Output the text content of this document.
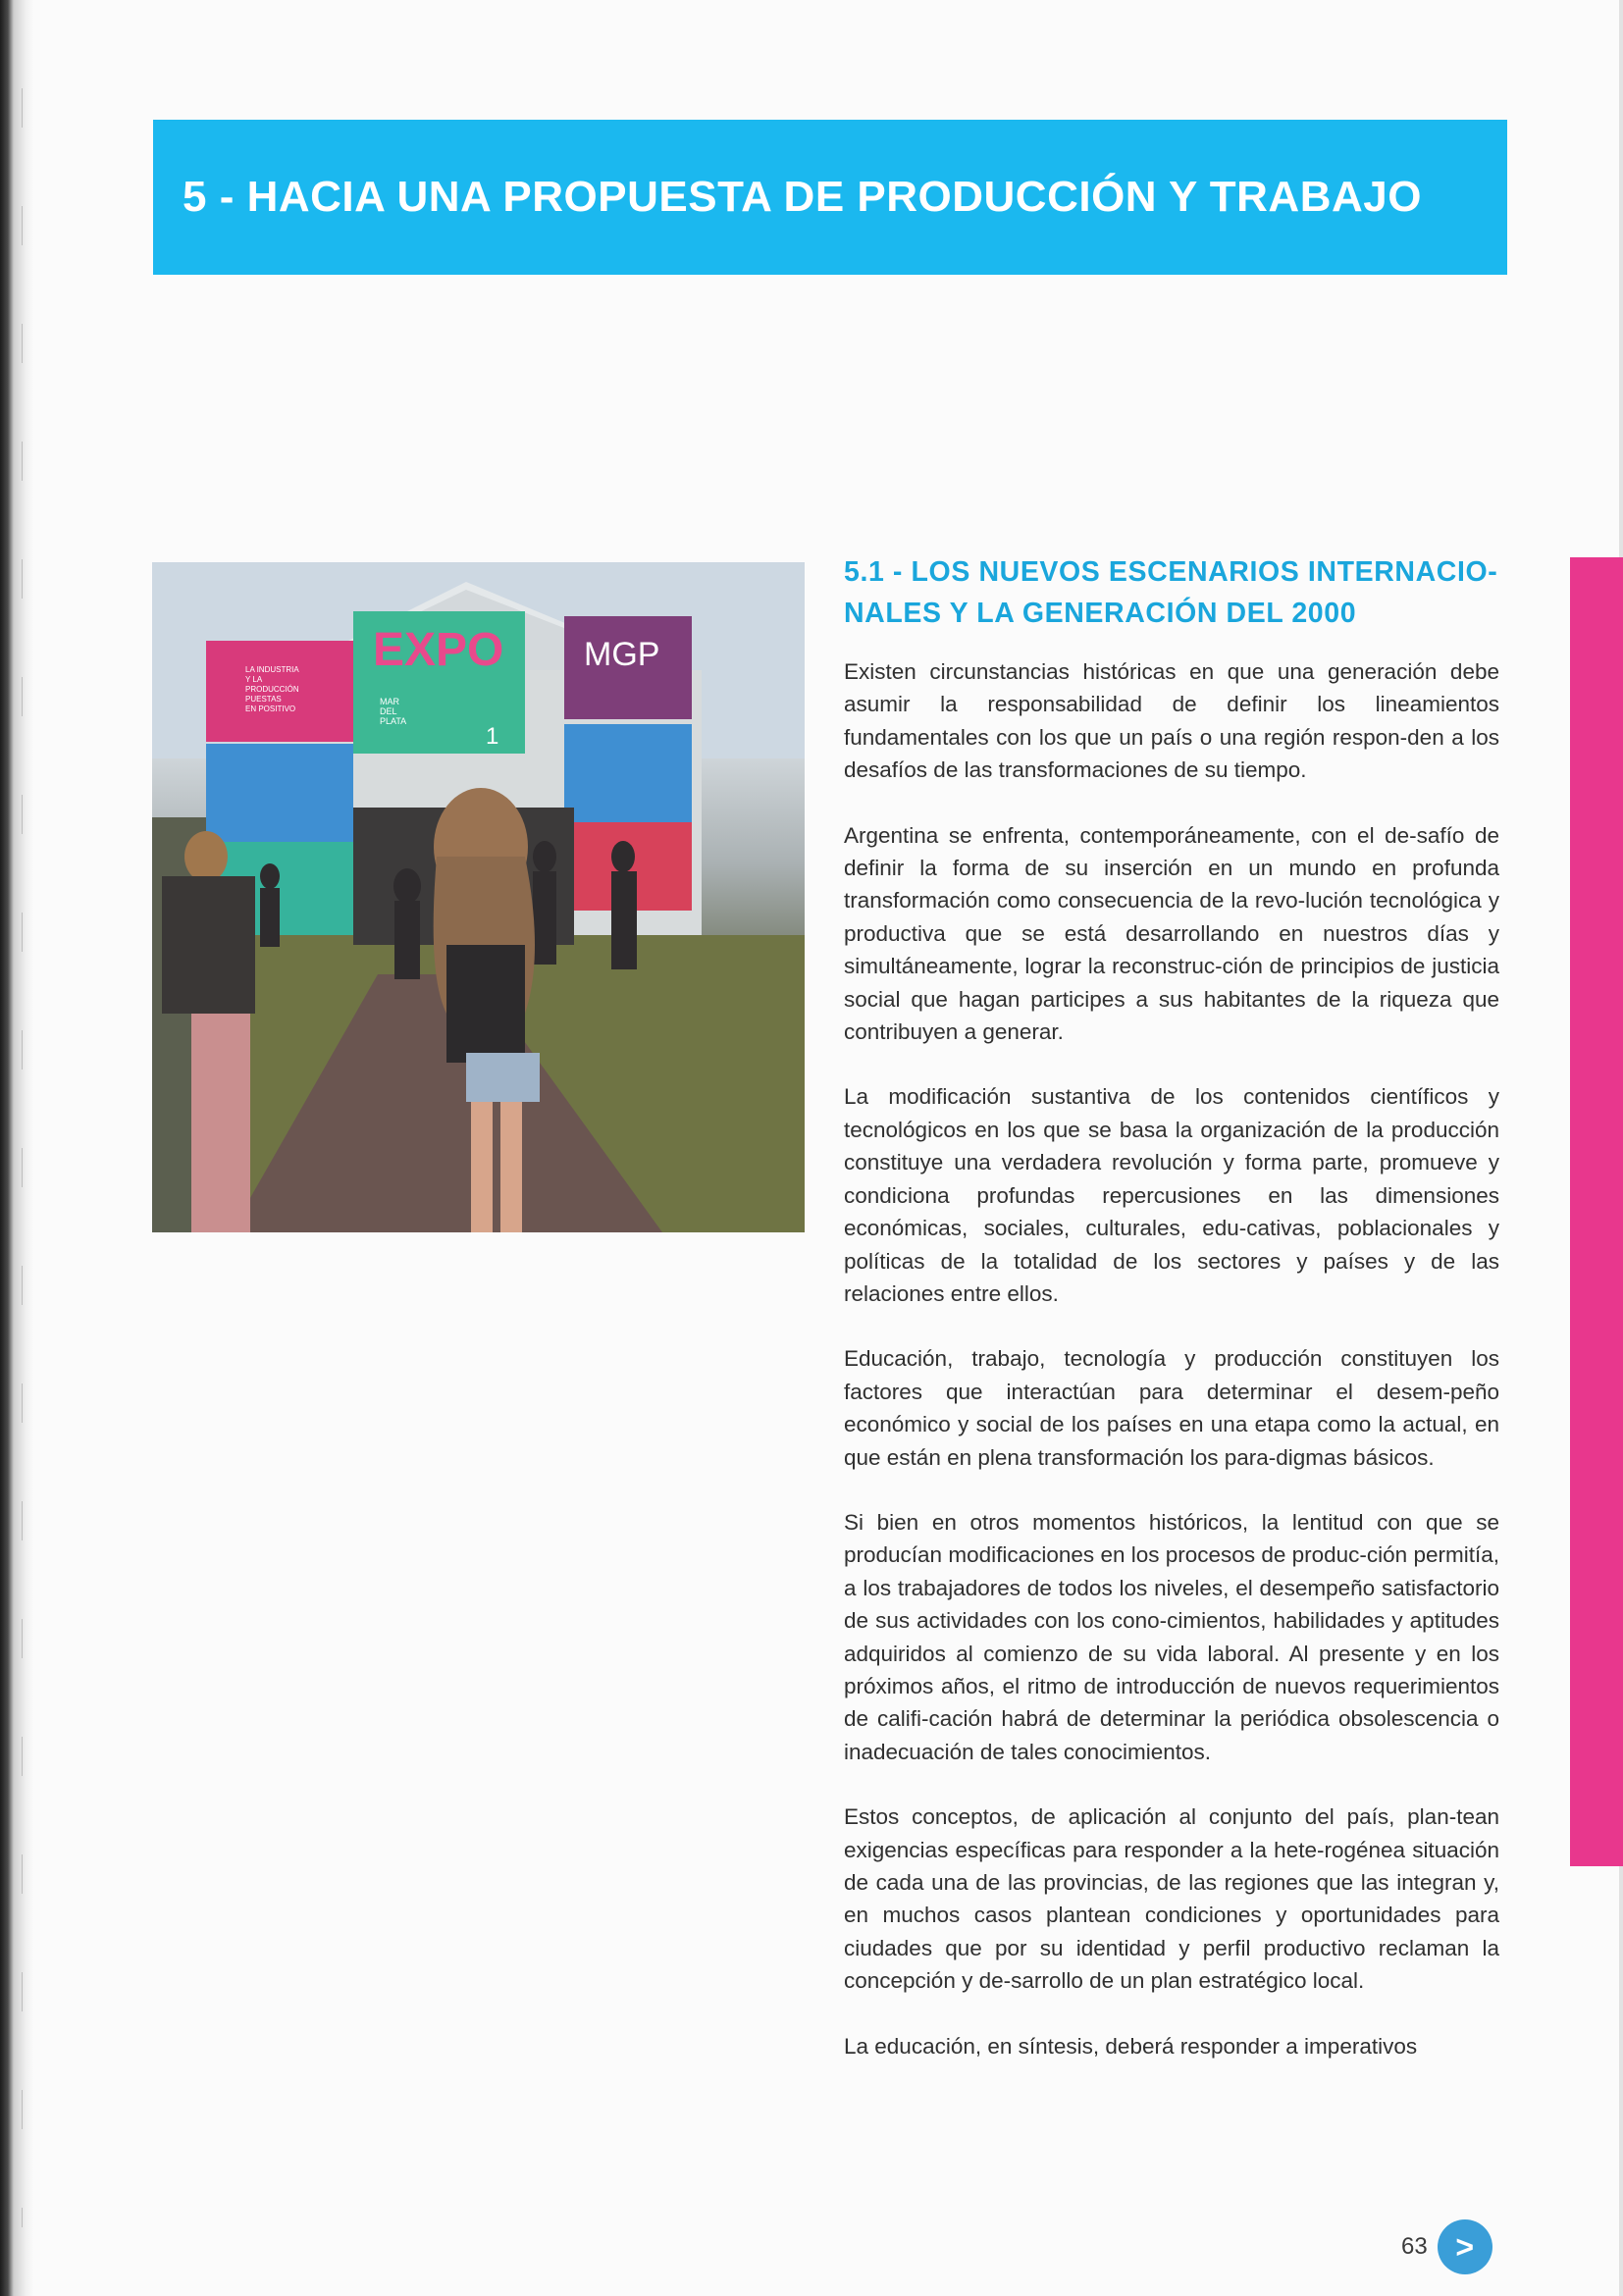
5 - HACIA UNA PROPUESTA DE PRODUCCIÓN Y TRABAJO
LA INDUSTRIA Y LA PRODUCCIÓN PUESTAS EN POSITIVO
EXPO
MAR DEL PLATA
1
MGP
5.1 - LOS NUEVOS ESCENARIOS INTERNACIO-
NALES Y LA GENERACIÓN DEL 2000

Existen circunstancias históricas en que una generación debe asumir la responsabilidad de definir los lineamientos fundamentales con los que un país o una región respon-den a los desafíos de las transformaciones de su tiempo.

Argentina se enfrenta, contemporáneamente, con el de-safío de definir la forma de su inserción en un mundo en profunda transformación como consecuencia de la revo-lución tecnológica y productiva que se está desarrollando en nuestros días y simultáneamente, lograr la reconstruc-ción de principios de justicia social que hagan participes a sus habitantes de la riqueza que contribuyen a generar.

La modificación sustantiva de los contenidos científicos y tecnológicos en los que se basa la organización de la producción constituye una verdadera revolución y forma parte, promueve y condiciona profundas repercusiones en las dimensiones económicas, sociales, culturales, edu-cativas, poblacionales y políticas de la totalidad de los sectores y países y de las relaciones entre ellos.

Educación, trabajo, tecnología y producción constituyen los factores que interactúan para determinar el desem-peño económico y social de los países en una etapa como la actual, en que están en plena transformación los para-digmas básicos.

Si bien en otros momentos históricos, la lentitud con que se producían modificaciones en los procesos de produc-ción permitía, a los trabajadores de todos los niveles, el desempeño satisfactorio de sus actividades con los cono-cimientos, habilidades y aptitudes adquiridos al comienzo de su vida laboral. Al presente y en los próximos años, el ritmo de introducción de nuevos requerimientos de califi-cación habrá de determinar la periódica obsolescencia o inadecuación de tales conocimientos.

Estos conceptos, de aplicación al conjunto del país, plan-tean exigencias específicas para responder a la hete-rogénea situación de cada una de las provincias, de las regiones que las integran y, en muchos casos plantean condiciones y oportunidades para ciudades que por su identidad y perfil productivo reclaman la concepción y de-sarrollo de un plan estratégico local.

La educación, en síntesis, deberá responder a imperativos

63 >
